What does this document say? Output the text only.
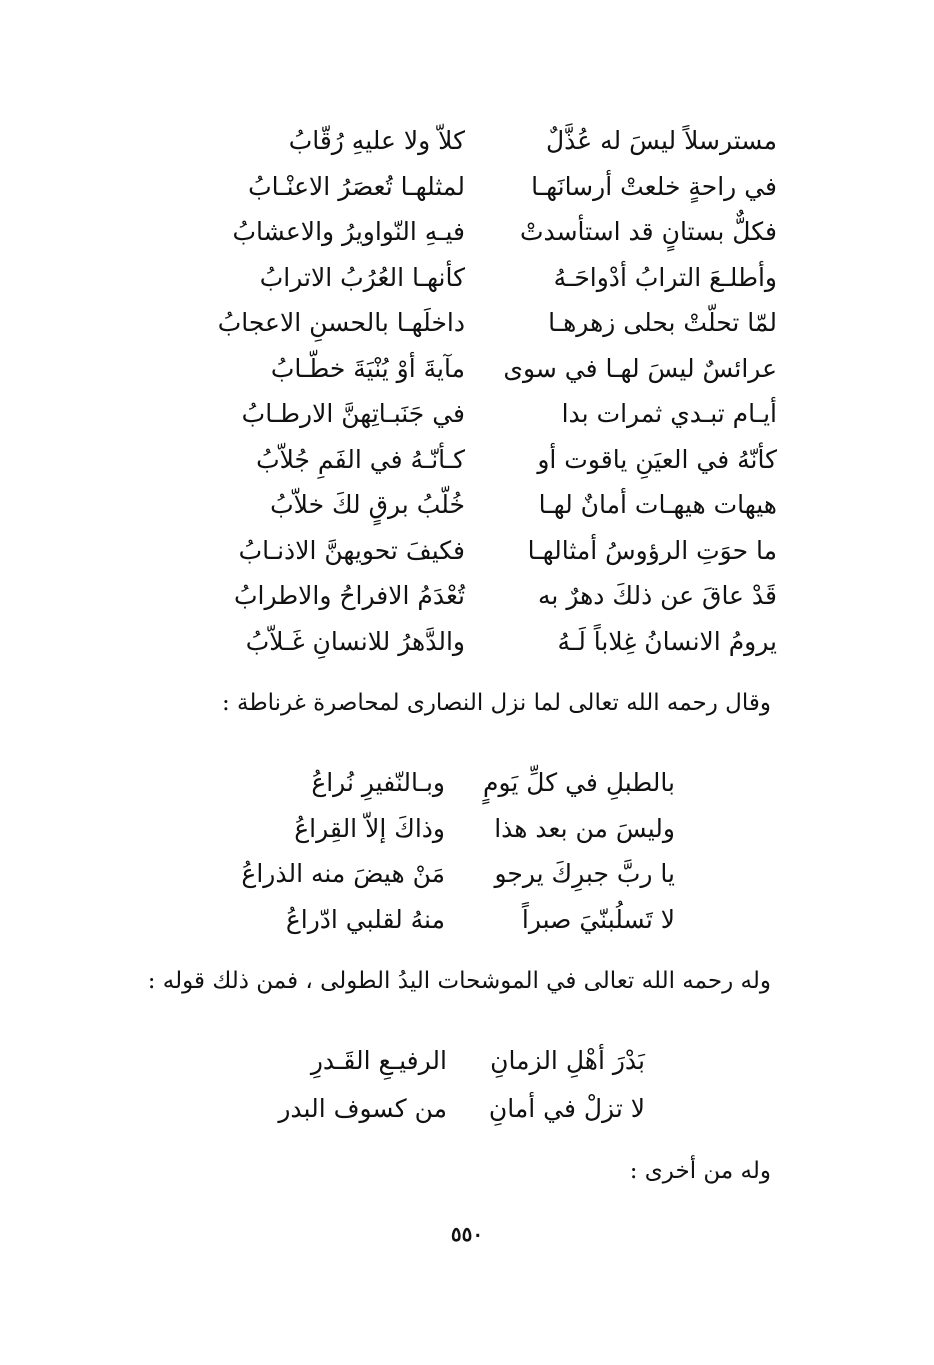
مسترسلاً ليسَ له عُذَّلٌ
كلاّ ولا عليهِ رُقّابُ
في راحةٍ خلعتْ أرسانَهـا
لمثلهـا تُعصَرُ الاعنْـابُ
فكلٌّ بستانٍ قد استأسدتْ
فيـهِ النّواويرُ والاعشابُ
وأطلـعَ الترابُ أدْواحَـهُ
كأنهـا العُرُبُ الاترابُ
لمّا تحلّتْ بحلى زهرهـا
داخلَهـا بالحسنِ الاعجابُ
عرائسٌ ليسَ لهـا في سوى
مآيةَ أوْ يُنْيَةَ خطّـابُ
أيـام تبـدي ثمرات بدا
في جَنَبـاتِهنَّ الارطـابُ
كأنّهُ في العيَنِ ياقوت أو
كـأنّـهُ في الفَمِ جُلاّبُ
هيهات هيهـات أمانٌ لهـا
خُلّبُ برقٍ لكَ خلاّبُ
ما حوَتِ الرؤوسُ أمثالهـا
فكيفَ تحويهنَّ الاذنـابُ
قَدْ عاقَ عن ذلكَ دهرٌ به
تُعْدَمُ الافراحُ والاطرابُ
يرومُ الانسانُ غِلاباً لَـهُ
والدَّهرُ للانسانِ غَـلاّبُ
وقال رحمه الله تعالى لما نزل النصارى لمحاصرة غرناطة :
بالطبلِ في كلِّ يَومٍ
وبـالنّفيرِ نُراعُ
وليسَ من بعد هذا
وذاكَ إلاّ القِراعُ
يا ربَّ جبرِكَ يرجو
مَنْ هيضَ منه الذراعُ
لا تَسلُبنّيَ صبراً
منهُ لقلبي ادّراعُ
وله رحمه الله تعالى في الموشحات اليدُ الطولى ، فمن ذلك قوله :
بَدْرَ أهْلِ الزمانِ
الرفيـعِ القَـدرِ
لا تزلْ في أمانِ
من كسوف البدر
وله من أخرى :
٥٥٠
